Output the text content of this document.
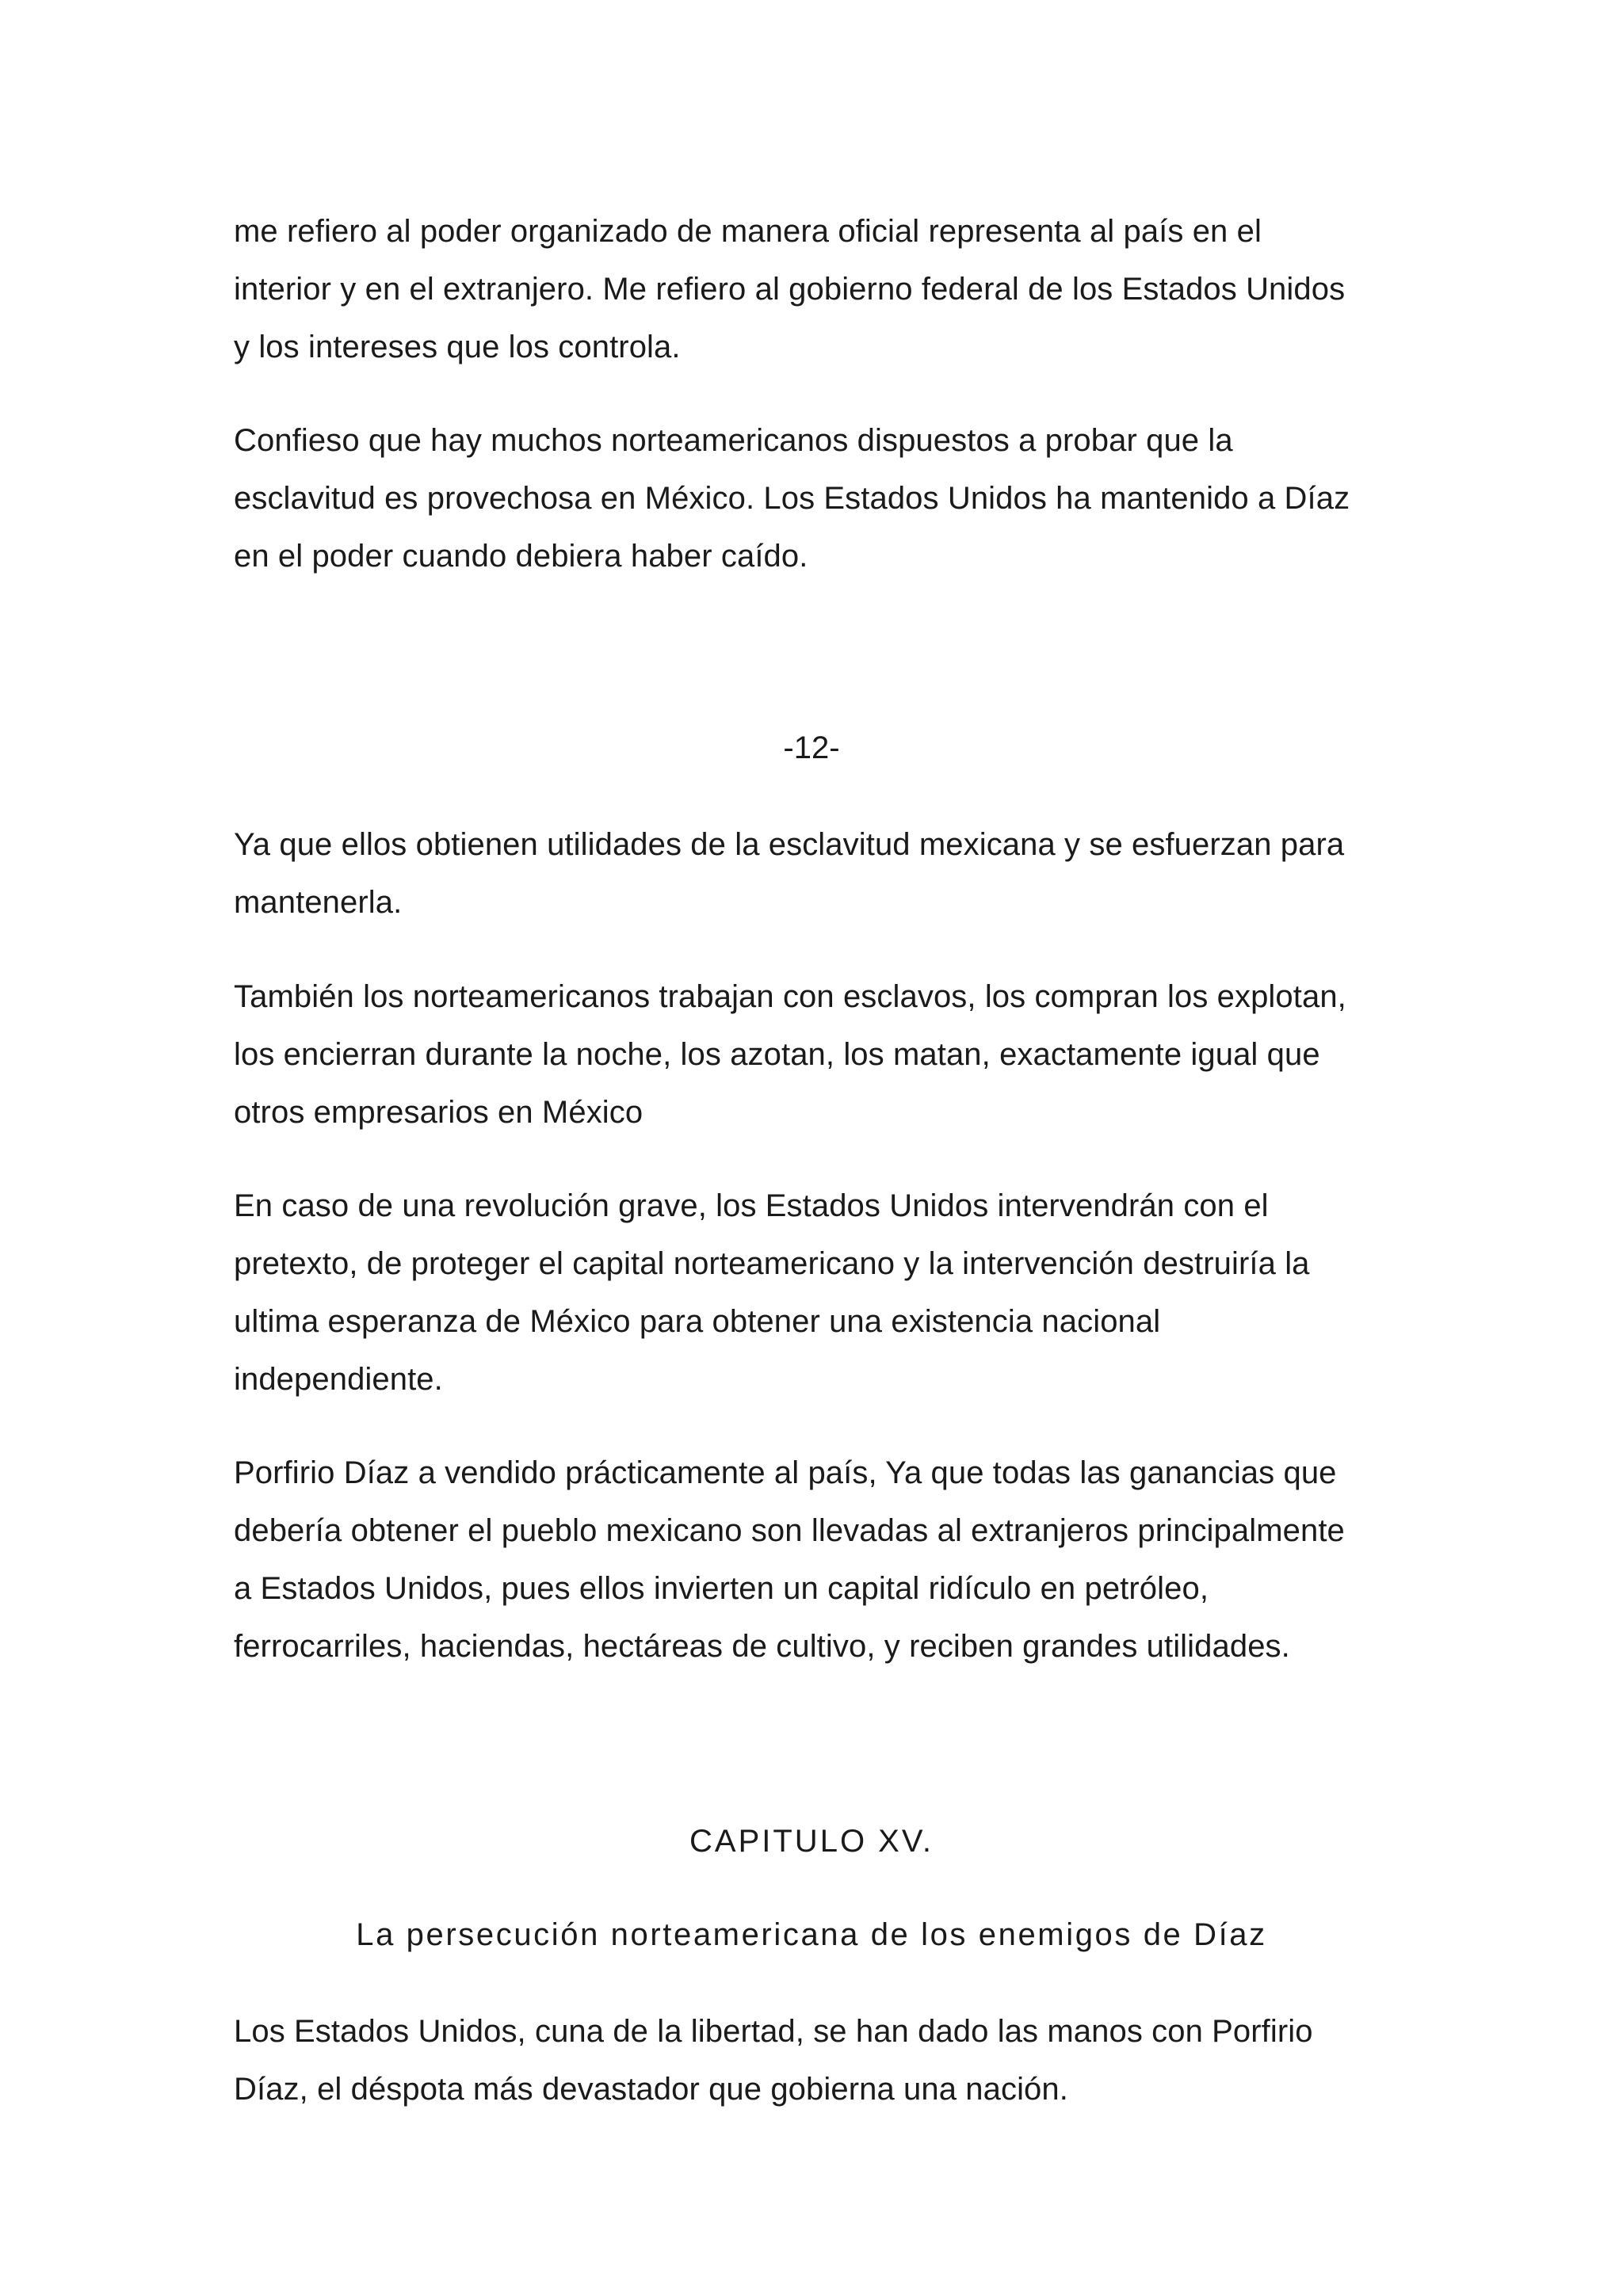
me refiero al poder organizado de manera oficial representa al país en el
interior y en el extranjero. Me refiero al gobierno federal de los Estados Unidos
y los intereses que los controla.

Confieso que hay muchos norteamericanos dispuestos a probar que la
esclavitud es provechosa en México. Los Estados Unidos ha mantenido a Díaz
en el poder cuando debiera haber caído.

-12-

Ya que ellos obtienen utilidades de la esclavitud mexicana y se esfuerzan para
mantenerla.

También los norteamericanos trabajan con esclavos, los compran los explotan,
los encierran durante la noche, los azotan, los matan, exactamente igual que
otros empresarios en México

En caso de una revolución grave, los Estados Unidos intervendrán con el
pretexto, de proteger el capital norteamericano y la intervención destruiría la
ultima esperanza de México para obtener una existencia nacional
independiente.

Porfirio Díaz a vendido prácticamente al país, Ya que todas las ganancias que
debería obtener el pueblo mexicano son llevadas al extranjeros principalmente
a Estados Unidos, pues ellos invierten un capital ridículo en petróleo,
ferrocarriles, haciendas, hectáreas de cultivo, y reciben grandes utilidades.

CAPITULO XV.
La persecución norteamericana de los enemigos de Díaz

Los Estados Unidos, cuna de la libertad, se han dado las manos con Porfirio
Díaz, el déspota más devastador que gobierna una nación.
